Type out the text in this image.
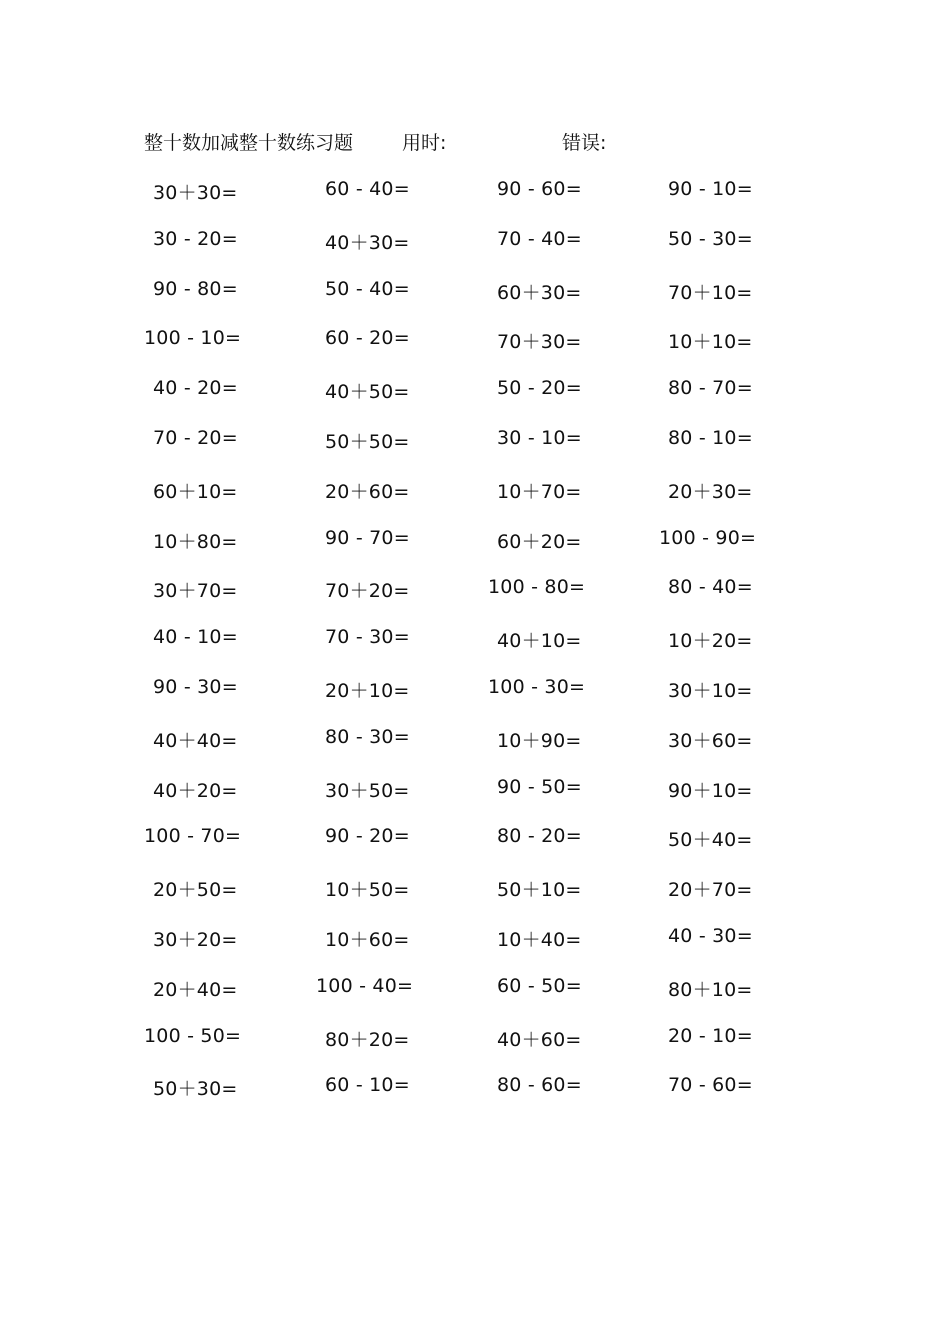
整十数加减整十数练习题	用时:	错误:
30＋30=	60 - 40=	90 - 60=	90 - 10=
30 - 20=	40＋30=	70 - 40=	50 - 30=
90 - 80=	50 - 40=	60＋30=	70＋10=
100 - 10=	60 - 20=	70＋30=	10＋10=
40 - 20=	40＋50=	50 - 20=	80 - 70=
70 - 20=	50＋50=	30 - 10=	80 - 10=
60＋10=	20＋60=	10＋70=	20＋30=
10＋80=	90 - 70=	60＋20=	100 - 90=
30＋70=	70＋20=	100 - 80=	80 - 40=
40 - 10=	70 - 30=	40＋10=	10＋20=
90 - 30=	20＋10=	100 - 30=	30＋10=
40＋40=	80 - 30=	10＋90=	30＋60=
40＋20=	30＋50=	90 - 50=	90＋10=
100 - 70=	90 - 20=	80 - 20=	50＋40=
20＋50=	10＋50=	50＋10=	20＋70=
30＋20=	10＋60=	10＋40=	40 - 30=
20＋40=	100 - 40=	60 - 50=	80＋10=
100 - 50=	80＋20=	40＋60=	20 - 10=
50＋30=	60 - 10=	80 - 60=	70 - 60=
